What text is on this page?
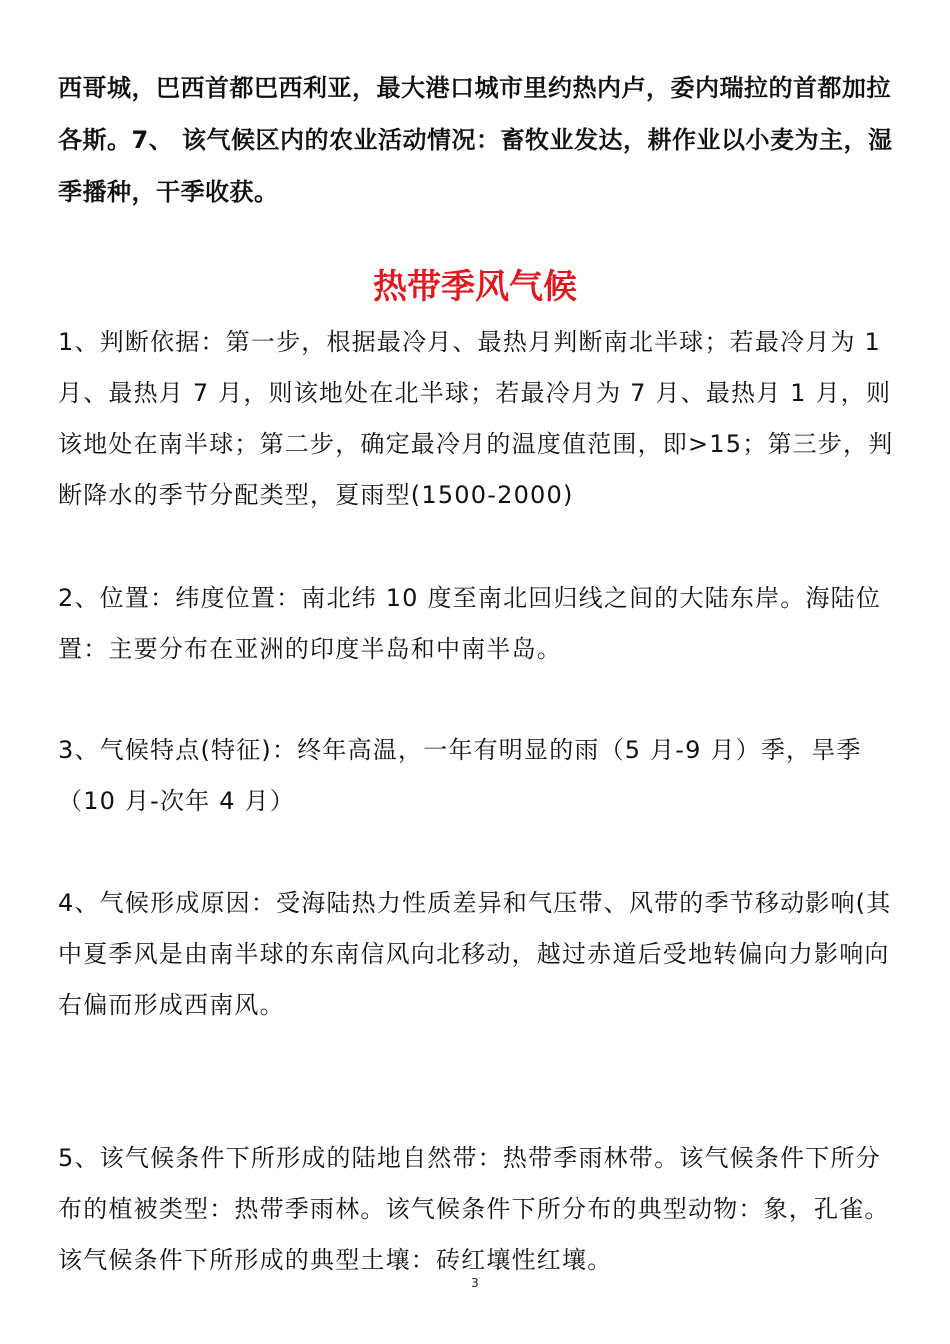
西哥城，巴西首都巴西利亚，最大港口城市里约热内卢，委内瑞拉的首都加拉各斯。7、 该气候区内的农业活动情况：畜牧业发达，耕作业以小麦为主，湿季播种，干季收获。

热带季风气候

1、判断依据：第一步，根据最冷月、最热月判断南北半球；若最冷月为 1 月、最热月 7 月，则该地处在北半球；若最冷月为 7 月、最热月 1 月，则该地处在南半球；第二步，确定最冷月的温度值范围，即>15；第三步，判断降水的季节分配类型，夏雨型(1500-2000)

2、位置：纬度位置：南北纬 10 度至南北回归线之间的大陆东岸。海陆位置：主要分布在亚洲的印度半岛和中南半岛。

3、气候特点(特征)：终年高温，一年有明显的雨（5 月-9 月）季，旱季（10 月-次年 4 月）

4、气候形成原因：受海陆热力性质差异和气压带、风带的季节移动影响(其中夏季风是由南半球的东南信风向北移动，越过赤道后受地转偏向力影响向右偏而形成西南风。

5、该气候条件下所形成的陆地自然带：热带季雨林带。该气候条件下所分布的植被类型：热带季雨林。该气候条件下所分布的典型动物：象，孔雀。该气候条件下所形成的典型土壤：砖红壤性红壤。

3
